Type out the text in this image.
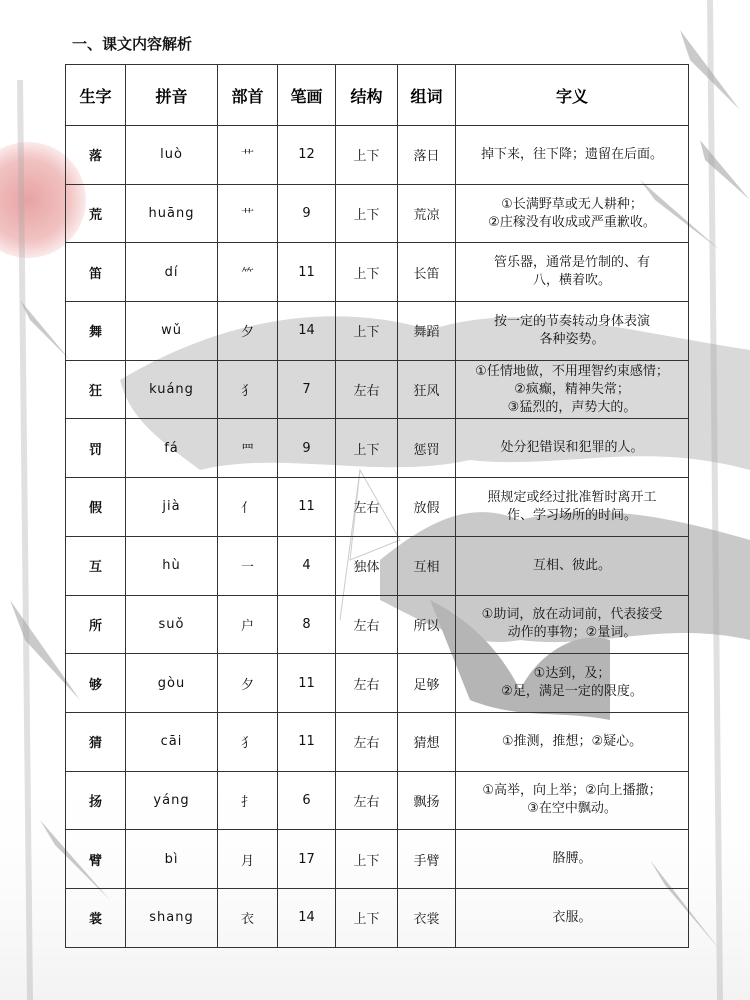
一、课文内容解析
生字	拼音	部首	笔画	结构	组词	字义
落	luò	艹	12	上下	落日	掉下来，往下降；遗留在后面。
荒	huāng	艹	9	上下	荒凉	①长满野草或无人耕种；
②庄稼没有收成或严重歉收。
笛	dí	⺮	11	上下	长笛	管乐器，通常是竹制的、有
八，横着吹。
舞	wǔ	夕	14	上下	舞蹈	按一定的节奏转动身体表演
各种姿势。
狂	kuáng	犭	7	左右	狂风	①任情地做，不用理智约束感情；
②疯癫，精神失常；
③猛烈的，声势大的。
罚	fá	罒	9	上下	惩罚	处分犯错误和犯罪的人。
假	jià	亻	11	左右	放假	照规定或经过批准暂时离开工
作、学习场所的时间。
互	hù	一	4	独体	互相	互相、彼此。
所	suǒ	户	8	左右	所以	①助词，放在动词前，代表接受
动作的事物；②量词。
够	gòu	夕	11	左右	足够	①达到，及；
②足，满足一定的限度。
猜	cāi	犭	11	左右	猜想	①推测，推想；②疑心。
扬	yáng	扌	6	左右	飘扬	①高举，向上举；②向上播撒；
③在空中飘动。
臂	bì	月	17	上下	手臂	胳膊。
裳	shang	衣	14	上下	衣裳	衣服。
